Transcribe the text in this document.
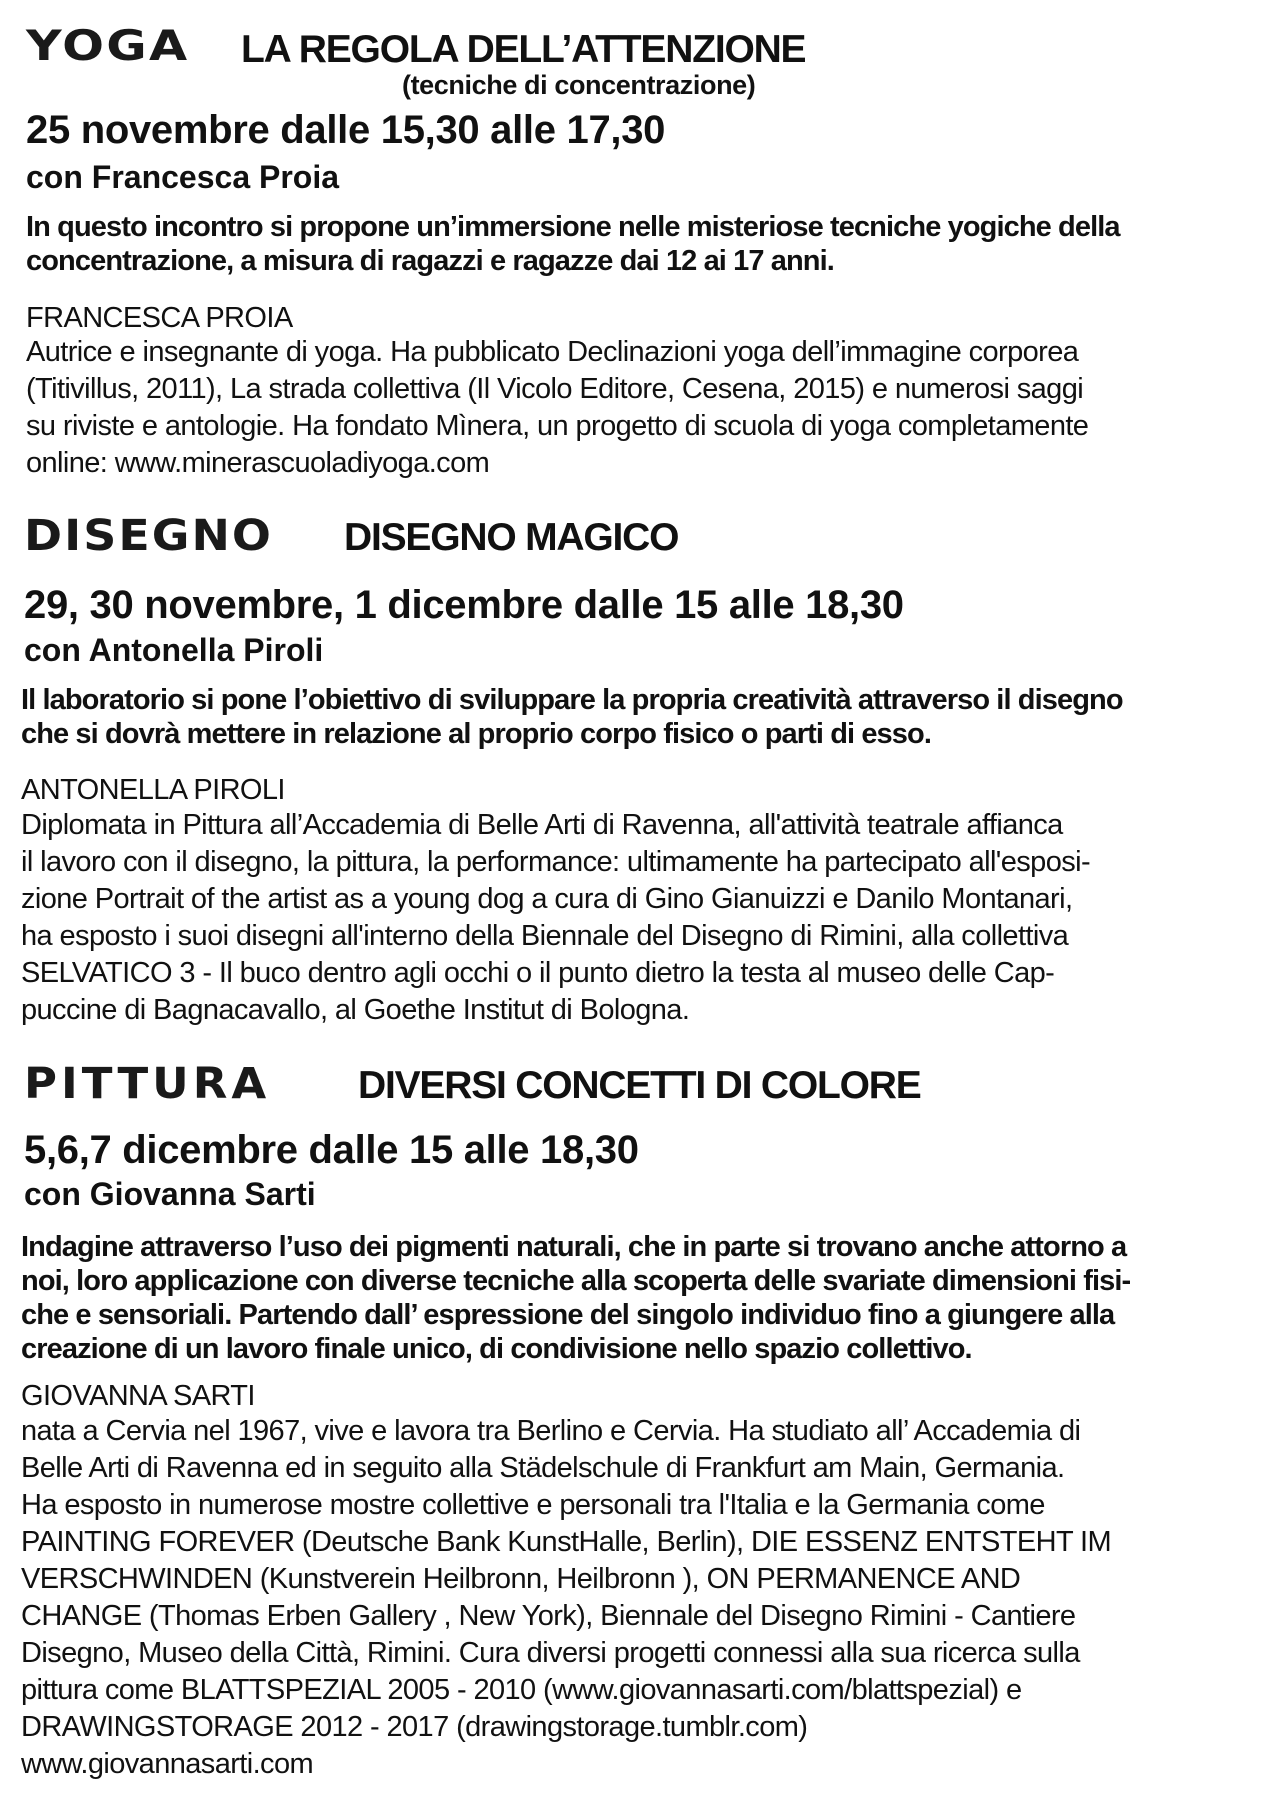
YOGA LA REGOLA DELL’ATTENZIONE
(tecniche di concentrazione)
25 novembre dalle 15,30 alle 17,30
con Francesca Proia

In questo incontro si propone un’immersione nelle misteriose tecniche yogiche della
concentrazione, a misura di ragazzi e ragazze dai 12 ai 17 anni.

FRANCESCA PROIA

Autrice e insegnante di yoga. Ha pubblicato Declinazioni yoga dell’immagine corporea
(Titivillus, 2011), La strada collettiva (Il Vicolo Editore, Cesena, 2015) e numerosi saggi
su riviste e antologie. Ha fondato Mìnera, un progetto di scuola di yoga completamente
online: www.minerascuoladiyoga.com

DISEGNO DISEGNO MAGICO
29, 30 novembre, 1 dicembre dalle 15 alle 18,30
con Antonella Piroli

Il laboratorio si pone l’obiettivo di sviluppare la propria creatività attraverso il disegno
che si dovrà mettere in relazione al proprio corpo fisico o parti di esso.

ANTONELLA PIROLI

Diplomata in Pittura all’Accademia di Belle Arti di Ravenna, all'attività teatrale affianca
il lavoro con il disegno, la pittura, la performance: ultimamente ha partecipato all'esposi-
zione Portrait of the artist as a young dog a cura di Gino Gianuizzi e Danilo Montanari,
ha esposto i suoi disegni all'interno della Biennale del Disegno di Rimini, alla collettiva
SELVATICO 3 - Il buco dentro agli occhi o il punto dietro la testa al museo delle Cap-
puccine di Bagnacavallo, al Goethe Institut di Bologna.

PITTURA DIVERSI CONCETTI DI COLORE
5,6,7 dicembre dalle 15 alle 18,30
con Giovanna Sarti

Indagine attraverso l’uso dei pigmenti naturali, che in parte si trovano anche attorno a
noi, loro applicazione con diverse tecniche alla scoperta delle svariate dimensioni fisi-
che e sensoriali. Partendo dall’ espressione del singolo individuo fino a giungere alla
creazione di un lavoro finale unico, di condivisione nello spazio collettivo.

GIOVANNA SARTI

nata a Cervia nel 1967, vive e lavora tra Berlino e Cervia. Ha studiato all’ Accademia di
Belle Arti di Ravenna ed in seguito alla Städelschule di Frankfurt am Main, Germania.
Ha esposto in numerose mostre collettive e personali tra l'Italia e la Germania come
PAINTING FOREVER (Deutsche Bank KunstHalle, Berlin), DIE ESSENZ ENTSTEHT IM
VERSCHWINDEN (Kunstverein Heilbronn, Heilbronn ), ON PERMANENCE AND
CHANGE (Thomas Erben Gallery , New York), Biennale del Disegno Rimini - Cantiere
Disegno, Museo della Città, Rimini. Cura diversi progetti connessi alla sua ricerca sulla
pittura come BLATTSPEZIAL 2005 - 2010 (www.giovannasarti.com/blattspezial) e
DRAWINGSTORAGE 2012 - 2017 (drawingstorage.tumblr.com)
www.giovannasarti.com
